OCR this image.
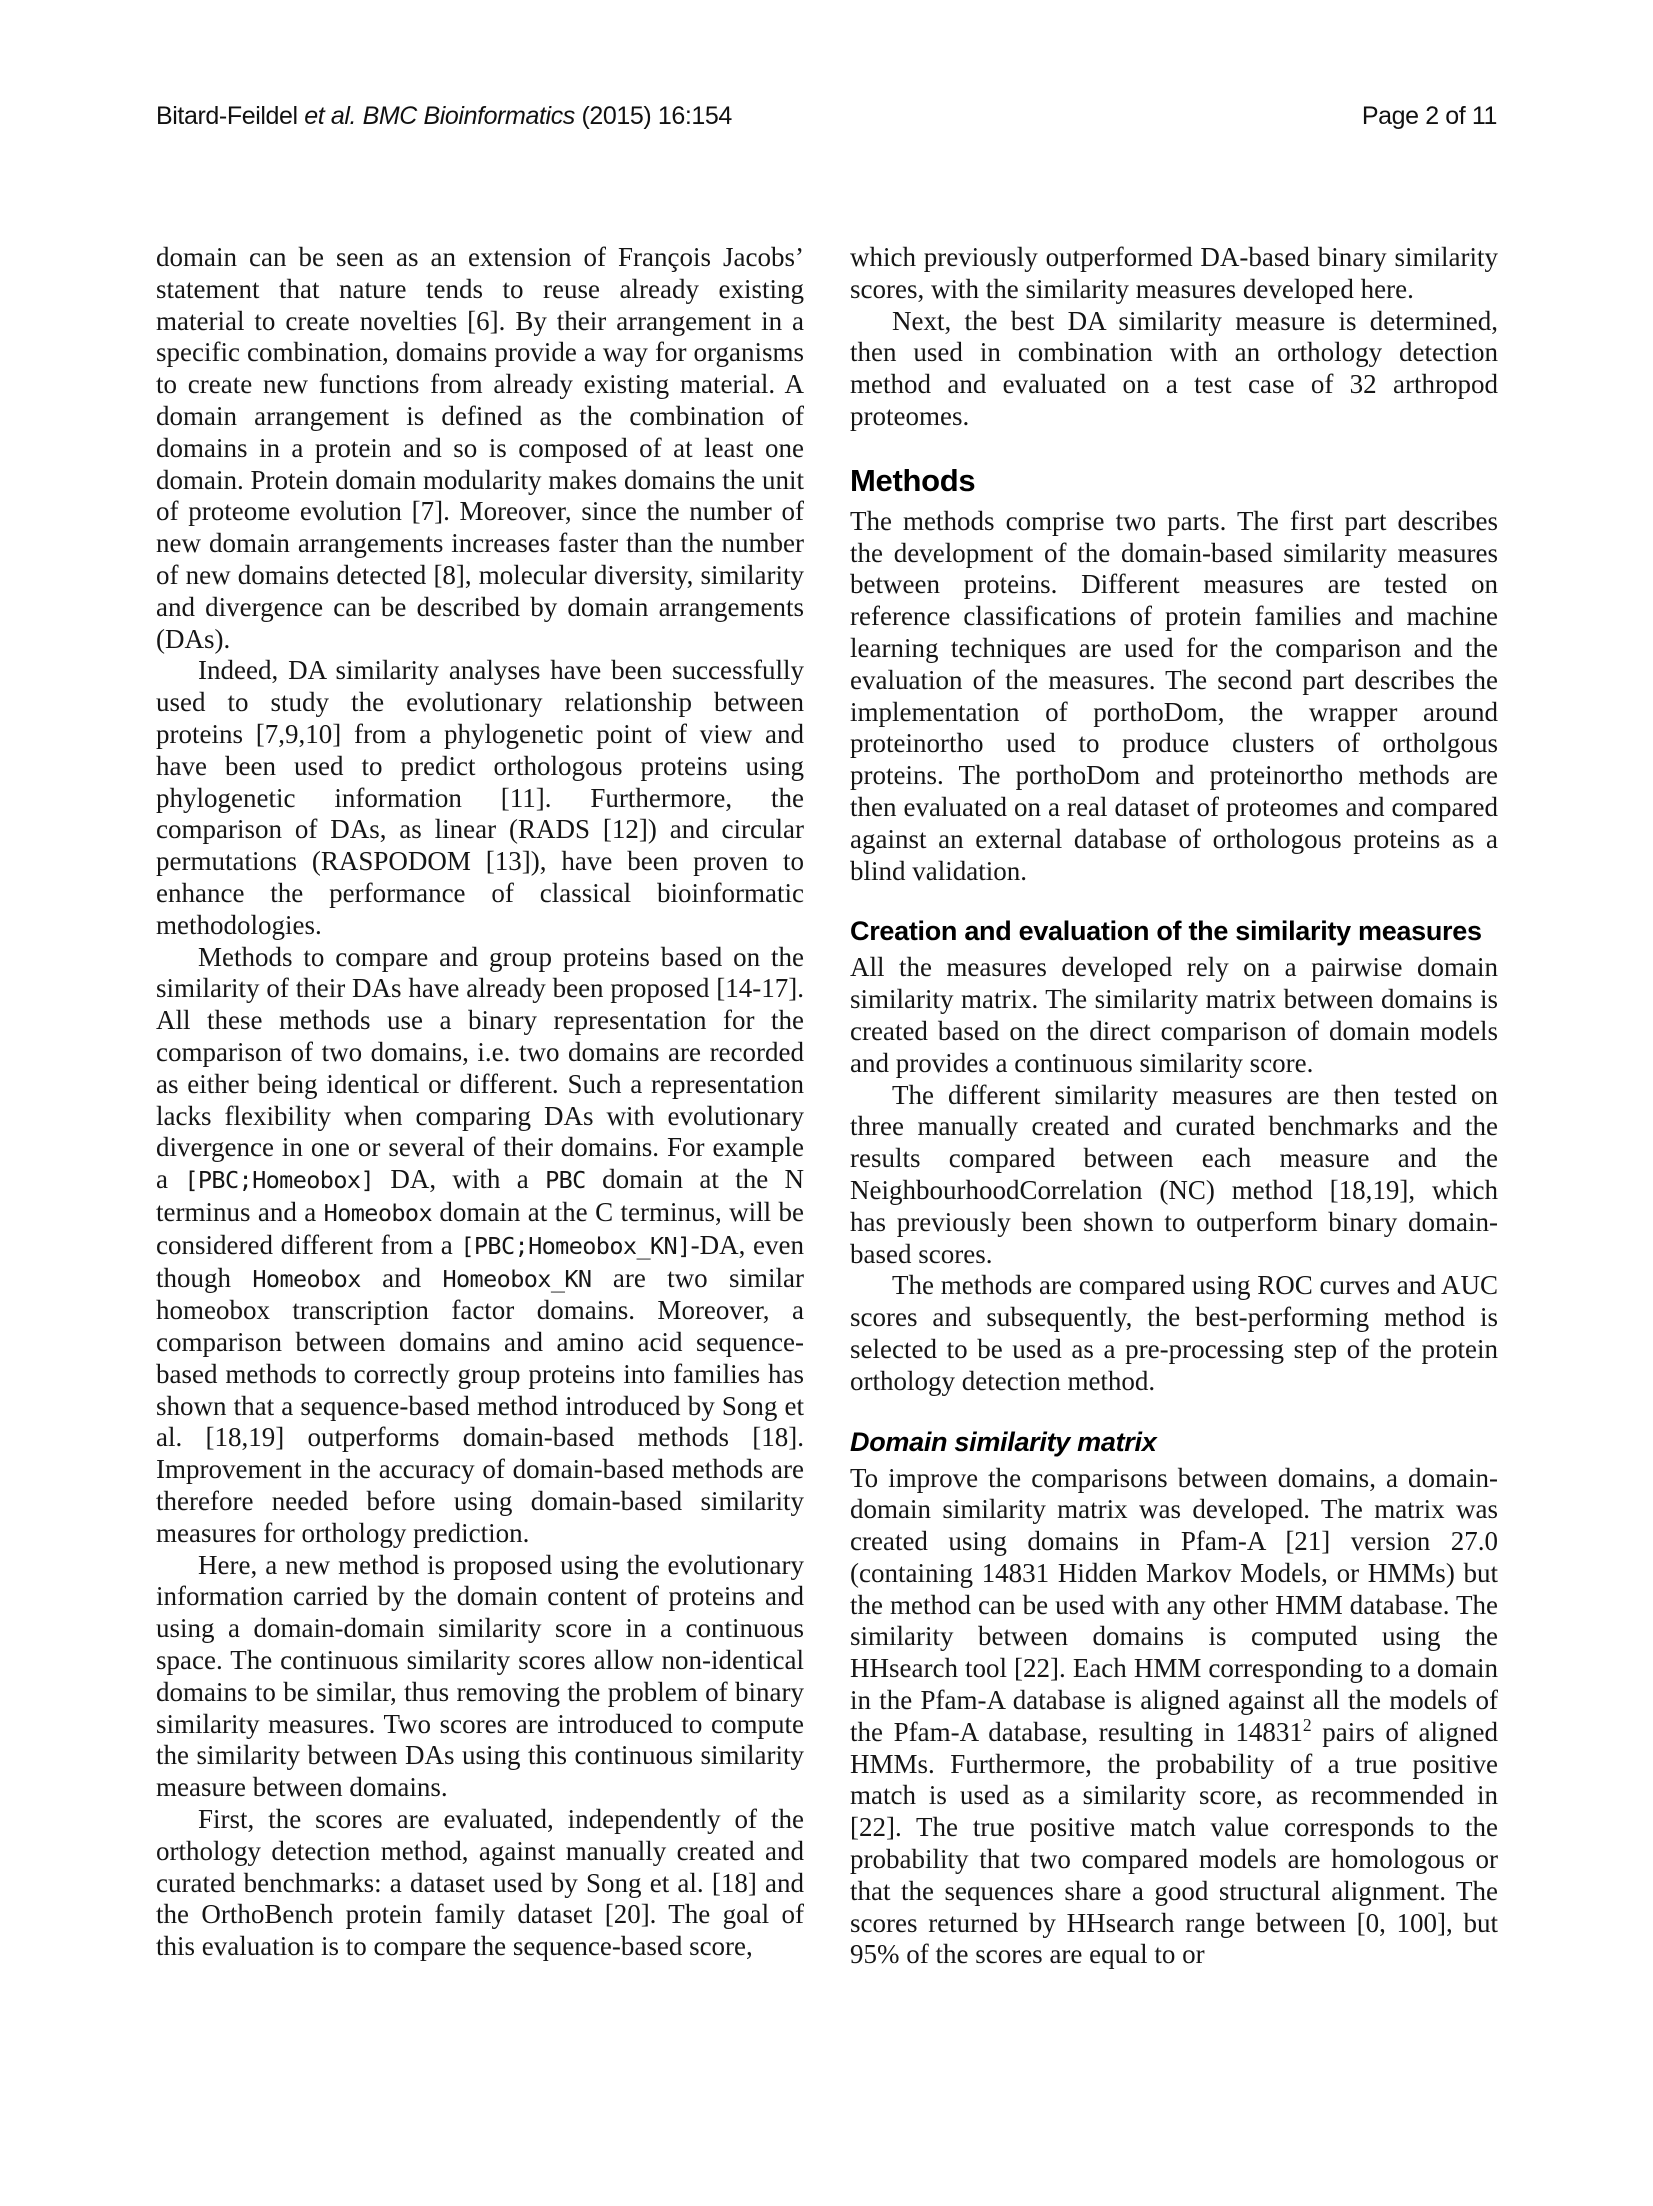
Bitard-Feildel et al. BMC Bioinformatics (2015) 16:154	Page 2 of 11

domain can be seen as an extension of François Jacobs’ statement that nature tends to reuse already existing material to create novelties [6]. By their arrangement in a specific combination, domains provide a way for organisms to create new functions from already existing material. A domain arrangement is defined as the combination of domains in a protein and so is composed of at least one domain. Protein domain modularity makes domains the unit of proteome evolution [7]. Moreover, since the number of new domain arrangements increases faster than the number of new domains detected [8], molecular diversity, similarity and divergence can be described by domain arrangements (DAs).

Indeed, DA similarity analyses have been successfully used to study the evolutionary relationship between proteins [7,9,10] from a phylogenetic point of view and have been used to predict orthologous proteins using phylogenetic information [11]. Furthermore, the comparison of DAs, as linear (RADS [12]) and circular permutations (RASPODOM [13]), have been proven to enhance the performance of classical bioinformatic methodologies.

Methods to compare and group proteins based on the similarity of their DAs have already been proposed [14-17]. All these methods use a binary representation for the comparison of two domains, i.e. two domains are recorded as either being identical or different. Such a representation lacks flexibility when comparing DAs with evolutionary divergence in one or several of their domains. For example a [PBC;Homeobox] DA, with a PBC domain at the N terminus and a Homeobox domain at the C terminus, will be considered different from a [PBC;Homeobox_KN]-DA, even though Homeobox and Homeobox_KN are two similar homeobox transcription factor domains. Moreover, a comparison between domains and amino acid sequence-based methods to correctly group proteins into families has shown that a sequence-based method introduced by Song et al. [18,19] outperforms domain-based methods [18]. Improvement in the accuracy of domain-based methods are therefore needed before using domain-based similarity measures for orthology prediction.

Here, a new method is proposed using the evolutionary information carried by the domain content of proteins and using a domain-domain similarity score in a continuous space. The continuous similarity scores allow non-identical domains to be similar, thus removing the problem of binary similarity measures. Two scores are introduced to compute the similarity between DAs using this continuous similarity measure between domains.

First, the scores are evaluated, independently of the orthology detection method, against manually created and curated benchmarks: a dataset used by Song et al. [18] and the OrthoBench protein family dataset [20]. The goal of this evaluation is to compare the sequence-based score,

which previously outperformed DA-based binary similarity scores, with the similarity measures developed here.

Next, the best DA similarity measure is determined, then used in combination with an orthology detection method and evaluated on a test case of 32 arthropod proteomes.

Methods

The methods comprise two parts. The first part describes the development of the domain-based similarity measures between proteins. Different measures are tested on reference classifications of protein families and machine learning techniques are used for the comparison and the evaluation of the measures. The second part describes the implementation of porthoDom, the wrapper around proteinortho used to produce clusters of ortholgous proteins. The porthoDom and proteinortho methods are then evaluated on a real dataset of proteomes and compared against an external database of orthologous proteins as a blind validation.

Creation and evaluation of the similarity measures

All the measures developed rely on a pairwise domain similarity matrix. The similarity matrix between domains is created based on the direct comparison of domain models and provides a continuous similarity score.

The different similarity measures are then tested on three manually created and curated benchmarks and the results compared between each measure and the NeighbourhoodCorrelation (NC) method [18,19], which has previously been shown to outperform binary domain-based scores.

The methods are compared using ROC curves and AUC scores and subsequently, the best-performing method is selected to be used as a pre-processing step of the protein orthology detection method.

Domain similarity matrix

To improve the comparisons between domains, a domain-domain similarity matrix was developed. The matrix was created using domains in Pfam-A [21] version 27.0 (containing 14831 Hidden Markov Models, or HMMs) but the method can be used with any other HMM database. The similarity between domains is computed using the HHsearch tool [22]. Each HMM corresponding to a domain in the Pfam-A database is aligned against all the models of the Pfam-A database, resulting in 14831$^2$ pairs of aligned HMMs. Furthermore, the probability of a true positive match is used as a similarity score, as recommended in [22]. The true positive match value corresponds to the probability that two compared models are homologous or that the sequences share a good structural alignment. The scores returned by HHsearch range between [0, 100], but 95% of the scores are equal to or
